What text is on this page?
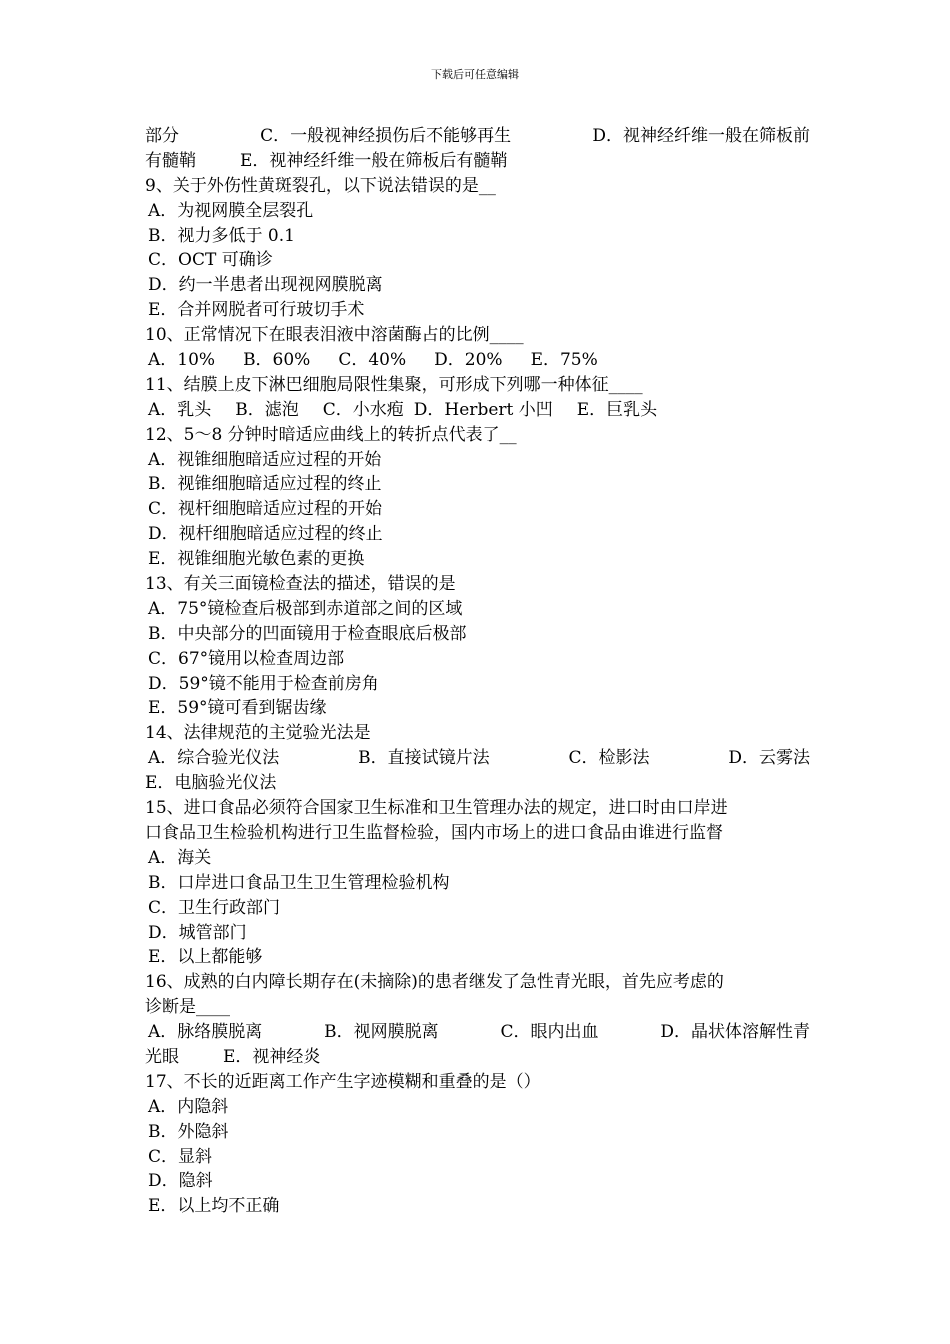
下载后可任意编辑
部分	C．一般视神经损伤后不能够再生	D．视神经纤维一般在筛板前
有髓鞘	E．视神经纤维一般在筛板后有髓鞘
9、关于外伤性黄斑裂孔，以下说法错误的是__
A．为视网膜全层裂孔
B．视力多低于 0.1
C．OCT 可确诊
D．约一半患者出现视网膜脱离
E．合并网脱者可行玻切手术
10、正常情况下在眼表泪液中溶菌酶占的比例____
A．10% B．60% C．40% D．20% E．75%
11、结膜上皮下淋巴细胞局限性集聚，可形成下列哪一种体征____
A．乳头 B．滤泡 C．小水疱 D．Herbert 小凹 E．巨乳头
12、5～8 分钟时暗适应曲线上的转折点代表了__
A．视锥细胞暗适应过程的开始
B．视锥细胞暗适应过程的终止
C．视杆细胞暗适应过程的开始
D．视杆细胞暗适应过程的终止
E．视锥细胞光敏色素的更换
13、有关三面镜检查法的描述，错误的是
A．75°镜检查后极部到赤道部之间的区域
B．中央部分的凹面镜用于检查眼底后极部
C．67°镜用以检查周边部
D．59°镜不能用于检查前房角
E．59°镜可看到锯齿缘
14、法律规范的主觉验光法是
A．综合验光仪法	B．直接试镜片法	C．检影法	D．云雾法
E．电脑验光仪法
15、进口食品必须符合国家卫生标准和卫生管理办法的规定，进口时由口岸进
口食品卫生检验机构进行卫生监督检验，国内市场上的进口食品由谁进行监督
A．海关
B．口岸进口食品卫生卫生管理检验机构
C．卫生行政部门
D．城管部门
E．以上都能够
16、成熟的白内障长期存在(未摘除)的患者继发了急性青光眼，首先应考虑的
诊断是____
A．脉络膜脱离	B．视网膜脱离	C．眼内出血	D．晶状体溶解性青
光眼	E．视神经炎
17、不长的近距离工作产生字迹模糊和重叠的是（）
A．内隐斜
B．外隐斜
C．显斜
D．隐斜
E．以上均不正确
